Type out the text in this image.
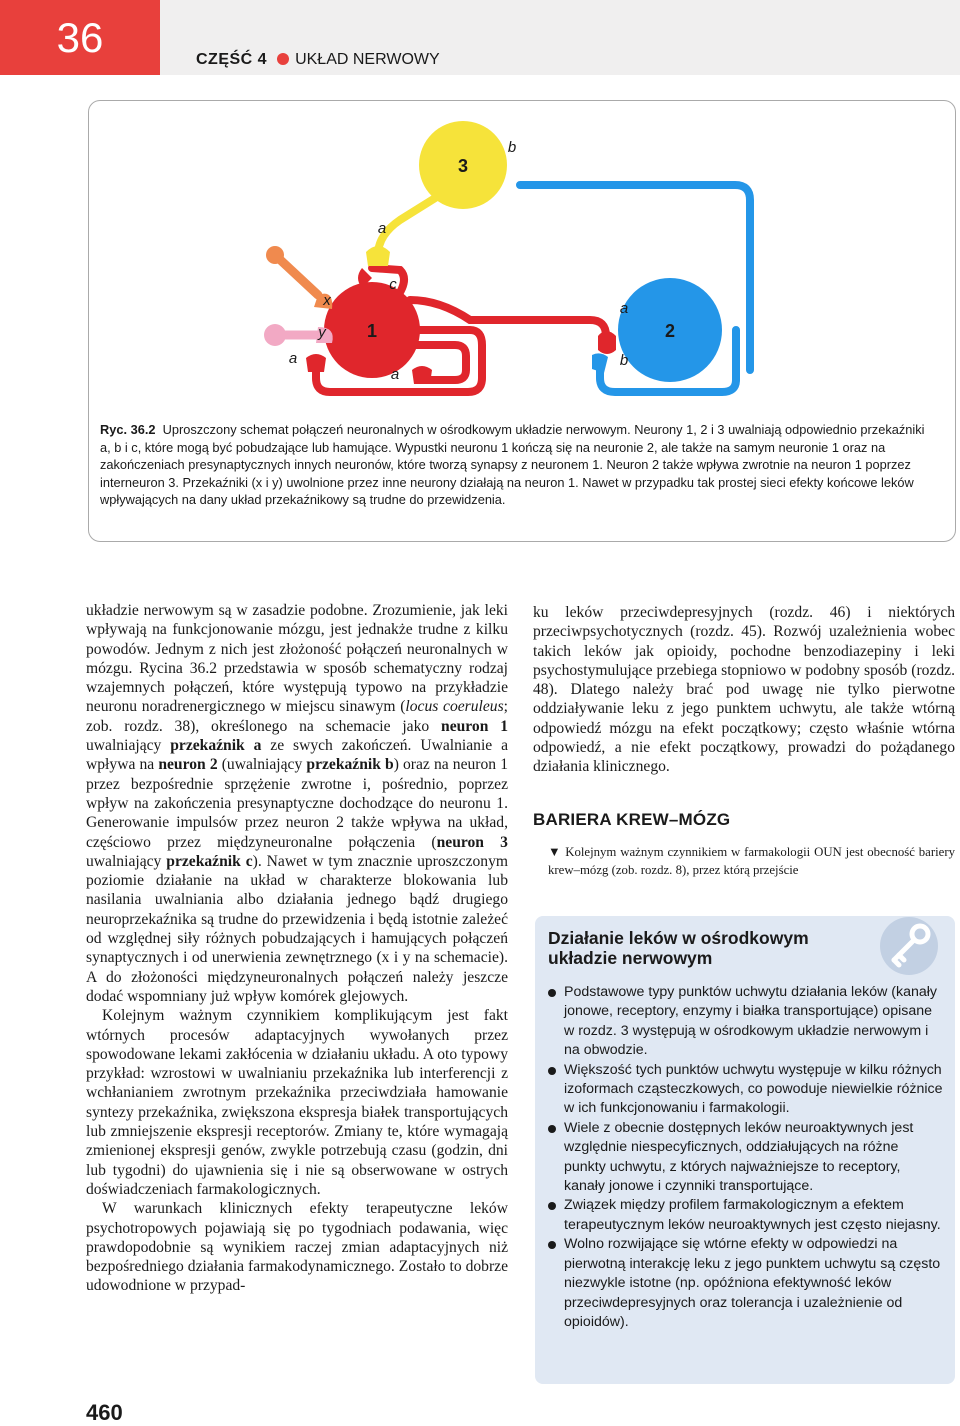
36	CZĘŚĆ 4 UKŁAD NERWOWY
3
1	2
b
a
c
x
y
a
a
a
b
Ryc. 36.2 Uproszczony schemat połączeń neuronalnych w ośrodkowym układzie nerwowym. Neurony 1, 2 i 3 uwalniają odpowiednio przekaźniki a, b i c, które mogą być pobudzające lub hamujące. Wypustki neuronu 1 kończą się na neuronie 2, ale także na samym neuronie 1 oraz na zakończeniach presynaptycznych innych neuronów, które tworzą synapsy z neuronem 1. Neuron 2 także wpływa zwrotnie na neuron 1 poprzez interneuron 3. Przekaźniki (x i y) uwolnione przez inne neurony działają na neuron 1. Nawet w przypadku tak prostej sieci efekty końcowe leków wpływających na dany układ przekaźnikowy są trudne do przewidzenia.

układzie nerwowym są w zasadzie podobne. Zrozumienie, jak leki wpływają na funkcjonowanie mózgu, jest jednakże trudne z kilku powodów. Jednym z nich jest złożoność połączeń neuronalnych w mózgu. Rycina 36.2 przedstawia w sposób schematyczny rodzaj wzajemnych połączeń, które występują typowo na przykładzie neuronu noradrenergicznego w miejscu sinawym (locus coeruleus; zob. rozdz. 38), określonego na schemacie jako neuron 1 uwalniający przekaźnik a ze swych zakończeń. Uwalnianie a wpływa na neuron 2 (uwalniający przekaźnik b) oraz na neuron 1 przez bezpośrednie sprzężenie zwrotne i, pośrednio, poprzez wpływ na zakończenia presynaptyczne dochodzące do neuronu 1. Generowanie impulsów przez neuron 2 także wpływa na układ, częściowo przez międzyneuronalne połączenia (neuron 3 uwalniający przekaźnik c). Nawet w tym znacznie uproszczonym poziomie działanie na układ w charakterze blokowania lub nasilania uwalniania albo działania jednego bądź drugiego neuroprzekaźnika są trudne do przewidzenia i będą istotnie zależeć od względnej siły różnych pobudzających i hamujących połączeń synaptycznych i od unerwienia zewnętrznego (x i y na schemacie). A do złożoności międzyneuronalnych połączeń należy jeszcze dodać wspomniany już wpływ komórek glejowych.

Kolejnym ważnym czynnikiem komplikującym jest fakt wtórnych procesów adaptacyjnych wywołanych przez spowodowane lekami zakłócenia w działaniu układu. A oto typowy przykład: wzrostowi w uwalnianiu przekaźnika lub interferencji z wchłanianiem zwrotnym przekaźnika przeciwdziała hamowanie syntezy przekaźnika, zwiększona ekspresja białek transportujących lub zmniejszenie ekspresji receptorów. Zmiany te, które wymagają zmienionej ekspresji genów, zwykle potrzebują czasu (godzin, dni lub tygodni) do ujawnienia się i nie są obserwowane w ostrych doświadczeniach farmakologicznych.

W warunkach klinicznych efekty terapeutyczne leków psychotropowych pojawiają się po tygodniach podawania, więc prawdopodobnie są wynikiem raczej zmian adaptacyjnych niż bezpośredniego działania farmakodynamicznego. Zostało to dobrze udowodnione w przypad-

ku leków przeciwdepresyjnych (rozdz. 46) i niektórych przeciwpsychotycznych (rozdz. 45). Rozwój uzależnienia wobec takich leków jak opioidy, pochodne benzodiazepiny i leki psychostymulujące przebiega stopniowo w podobny sposób (rozdz. 48). Dlatego należy brać pod uwagę nie tylko pierwotne oddziaływanie leku z jego punktem uchwytu, ale także wtórną odpowiedź mózgu na efekt początkowy; często właśnie wtórna odpowiedź, a nie efekt początkowy, prowadzi do pożądanego działania klinicznego.
BARIERA KREW–MÓZG
▼ Kolejnym ważnym czynnikiem w farmakologii OUN jest obecność bariery krew–mózg (zob. rozdz. 8), przez którą przejście
Działanie leków w ośrodkowym układzie nerwowym
Podstawowe typy punktów uchwytu działania leków (kanały jonowe, receptory, enzymy i białka transportujące) opisane w rozdz. 3 występują w ośrodkowym układzie nerwowym i na obwodzie.
Większość tych punktów uchwytu występuje w kilku różnych izoformach cząsteczkowych, co powoduje niewielkie różnice w ich funkcjonowaniu i farmakologii.
Wiele z obecnie dostępnych leków neuroaktywnych jest względnie niespecyficznych, oddziałujących na różne punkty uchwytu, z których najważniejsze to receptory, kanały jonowe i czynniki transportujące.
Związek między profilem farmakologicznym a efektem terapeutycznym leków neuroaktywnych jest często niejasny.
Wolno rozwijające się wtórne efekty w odpowiedzi na pierwotną interakcję leku z jego punktem uchwytu są często niezwykle istotne (np. opóźniona efektywność leków przeciwdepresyjnych oraz tolerancja i uzależnienie od opioidów).
460
